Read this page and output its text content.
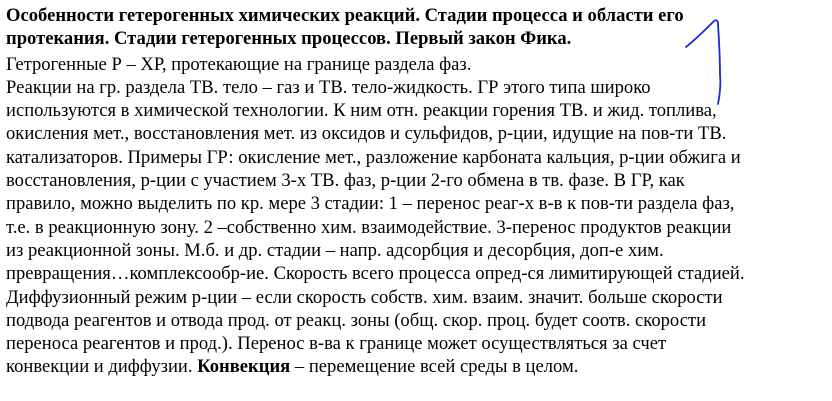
Особенности гетерогенных химических реакций. Стадии процесса и области его
протекания. Стадии гетерогенных процессов. Первый закон Фика.

Гетрогенные Р – ХР, протекающие на границе раздела фаз.

Реакции на гр. раздела ТВ. тело – газ и ТВ. тело-жидкость. ГР этого типа широко
используются в химической технологии. К ним отн. реакции горения ТВ. и жид. топлива,
окисления мет., восстановления мет. из оксидов и сульфидов, р-ции, идущие на пов-ти ТВ.
катализаторов. Примеры ГР: окисление мет., разложение карбоната кальция, р-ции обжига и
восстановления, р-ции с участием 3-х ТВ. фаз, р-ции 2-го обмена в тв. фазе. В ГР, как
правило, можно выделить по кр. мере 3 стадии: 1 – перенос реаг-х в-в к пов-ти раздела фаз,
т.е. в реакционную зону. 2 –собственно хим. взаимодействие. 3-перенос продуктов реакции
из реакционной зоны. М.б. и др. стадии – напр. адсорбция и десорбция, доп-е хим.
превращения…комплексообр-ие. Скорость всего процесса опред-ся лимитирующей стадией.
Диффузионный режим р-ции – если скорость собств. хим. взаим. значит. больше скорости
подвода реагентов и отвода прод. от реакц. зоны (общ. скор. проц. будет соотв. скорости
переноса реагентов и прод.). Перенос в-ва к границе может осуществляться за счет
конвекции и диффузии. Конвекция – перемещение всей среды в целом.
